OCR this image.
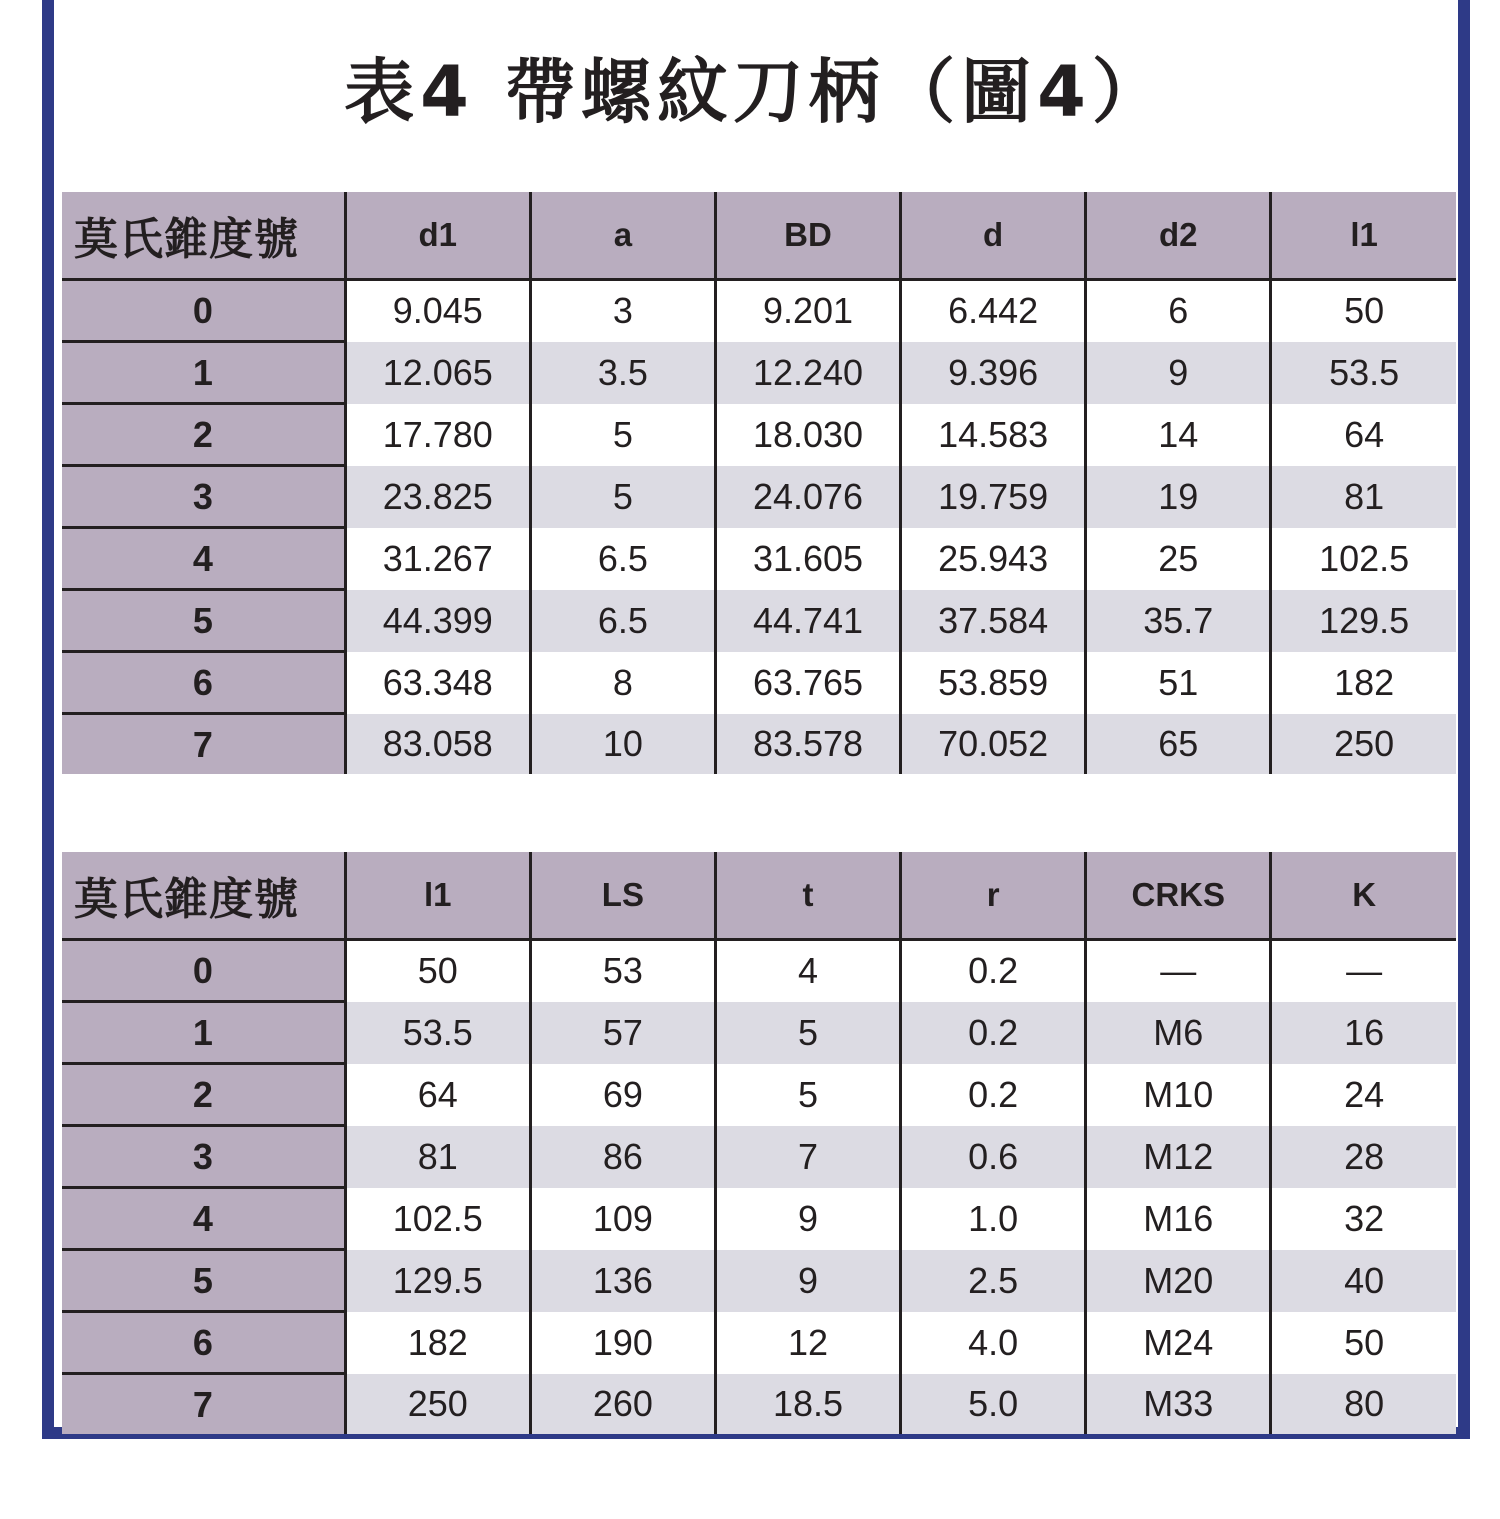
表4 帶螺紋刀柄（圖4）
莫氏錐度號	d1	a	BD	d	d2	l1
0	9.045	3	9.201	6.442	6	50
1	12.065	3.5	12.240	9.396	9	53.5
2	17.780	5	18.030	14.583	14	64
3	23.825	5	24.076	19.759	19	81
4	31.267	6.5	31.605	25.943	25	102.5
5	44.399	6.5	44.741	37.584	35.7	129.5
6	63.348	8	63.765	53.859	51	182
7	83.058	10	83.578	70.052	65	250
莫氏錐度號	l1	LS	t	r	CRKS	K
0	50	53	4	0.2	—	—
1	53.5	57	5	0.2	M6	16
2	64	69	5	0.2	M10	24
3	81	86	7	0.6	M12	28
4	102.5	109	9	1.0	M16	32
5	129.5	136	9	2.5	M20	40
6	182	190	12	4.0	M24	50
7	250	260	18.5	5.0	M33	80
